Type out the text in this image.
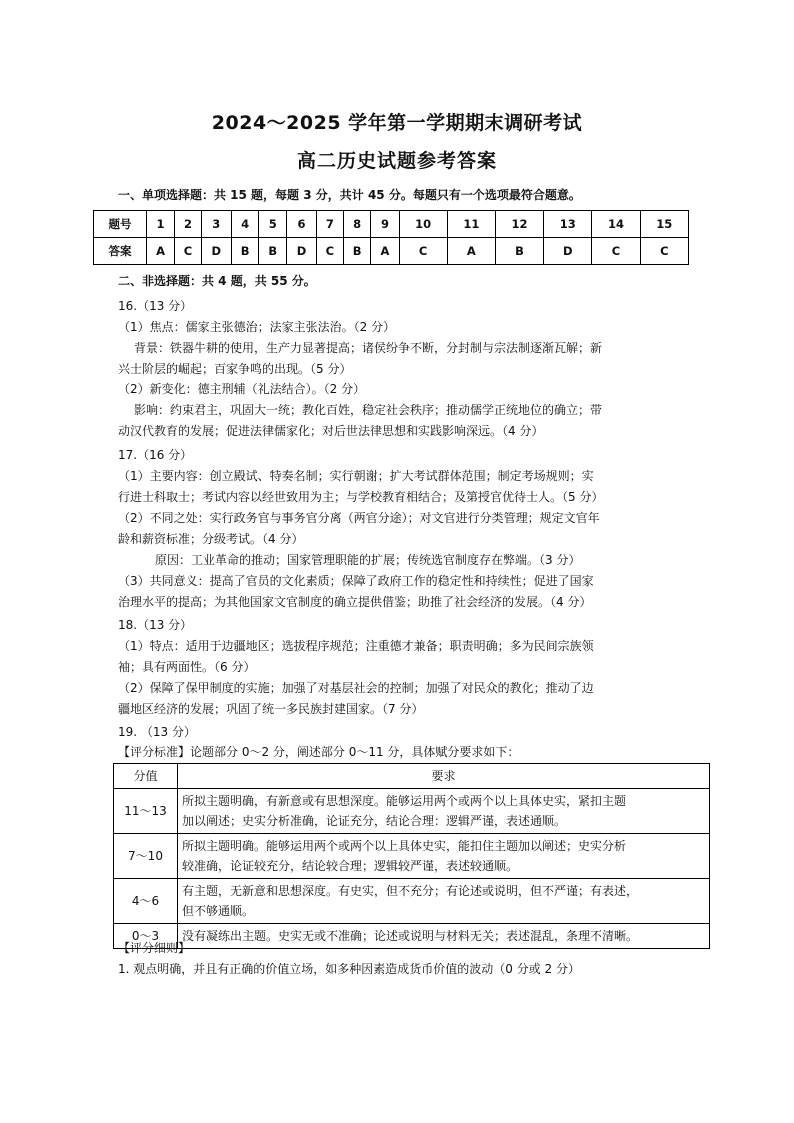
2024～2025 学年第一学期期末调研考试
高二历史试题参考答案
一、单项选择题：共 15 题，每题 3 分，共计 45 分。每题只有一个选项最符合题意。
题号	1	2	3	4	5	6	7	8	9	10	11	12	13	14	15
答案	A	C	D	B	B	D	C	B	A	C	A	B	D	C	C
二、非选择题：共 4 题，共 55 分。
16.（13 分）
（1）焦点：儒家主张德治；法家主张法治。（2 分）
背景：铁器牛耕的使用，生产力显著提高；诸侯纷争不断，分封制与宗法制逐渐瓦解；新
兴士阶层的崛起；百家争鸣的出现。（5 分）
（2）新变化：德主刑辅（礼法结合）。（2 分）
影响：约束君主，巩固大一统；教化百姓，稳定社会秩序；推动儒学正统地位的确立；带
动汉代教育的发展；促进法律儒家化；对后世法律思想和实践影响深远。（4 分）
17.（16 分）
（1）主要内容：创立殿试、特奏名制；实行朝谢；扩大考试群体范围；制定考场规则；实
行进士科取士；考试内容以经世致用为主；与学校教育相结合；及第授官优待士人。（5 分）
（2）不同之处：实行政务官与事务官分离（两官分途）；对文官进行分类管理；规定文官年
龄和薪资标准；分级考试。（4 分）
原因：工业革命的推动；国家管理职能的扩展；传统选官制度存在弊端。（3 分）
（3）共同意义：提高了官员的文化素质；保障了政府工作的稳定性和持续性；促进了国家
治理水平的提高；为其他国家文官制度的确立提供借鉴；助推了社会经济的发展。（4 分）
18.（13 分）
（1）特点：适用于边疆地区；选拔程序规范；注重德才兼备；职责明确；多为民间宗族领
袖；具有两面性。（6 分）
（2）保障了保甲制度的实施；加强了对基层社会的控制；加强了对民众的教化；推动了边
疆地区经济的发展；巩固了统一多民族封建国家。（7 分）
19. （13 分）
【评分标准】论题部分 0～2 分，阐述部分 0～11 分，具体赋分要求如下：
分值	要求
11～13	所拟主题明确，有新意或有思想深度。能够运用两个或两个以上具体史实，紧扣主题
加以阐述；史实分析准确，论证充分，结论合理：逻辑严谨，表述通顺。

7～10	所拟主题明确。能够运用两个或两个以上具体史实，能扣住主题加以阐述；史实分析
较准确，论证较充分，结论较合理；逻辑较严谨，表述较通顺。

4～6	有主题，无新意和思想深度。有史实，但不充分；有论述或说明，但不严谨；有表述，
但不够通顺。

0～3	没有凝练出主题。史实无或不准确；论述或说明与材料无关；表述混乱，条理不清晰。
【评分细则】
1. 观点明确，并且有正确的价值立场，如多种因素造成货币价值的波动（0 分或 2 分）
